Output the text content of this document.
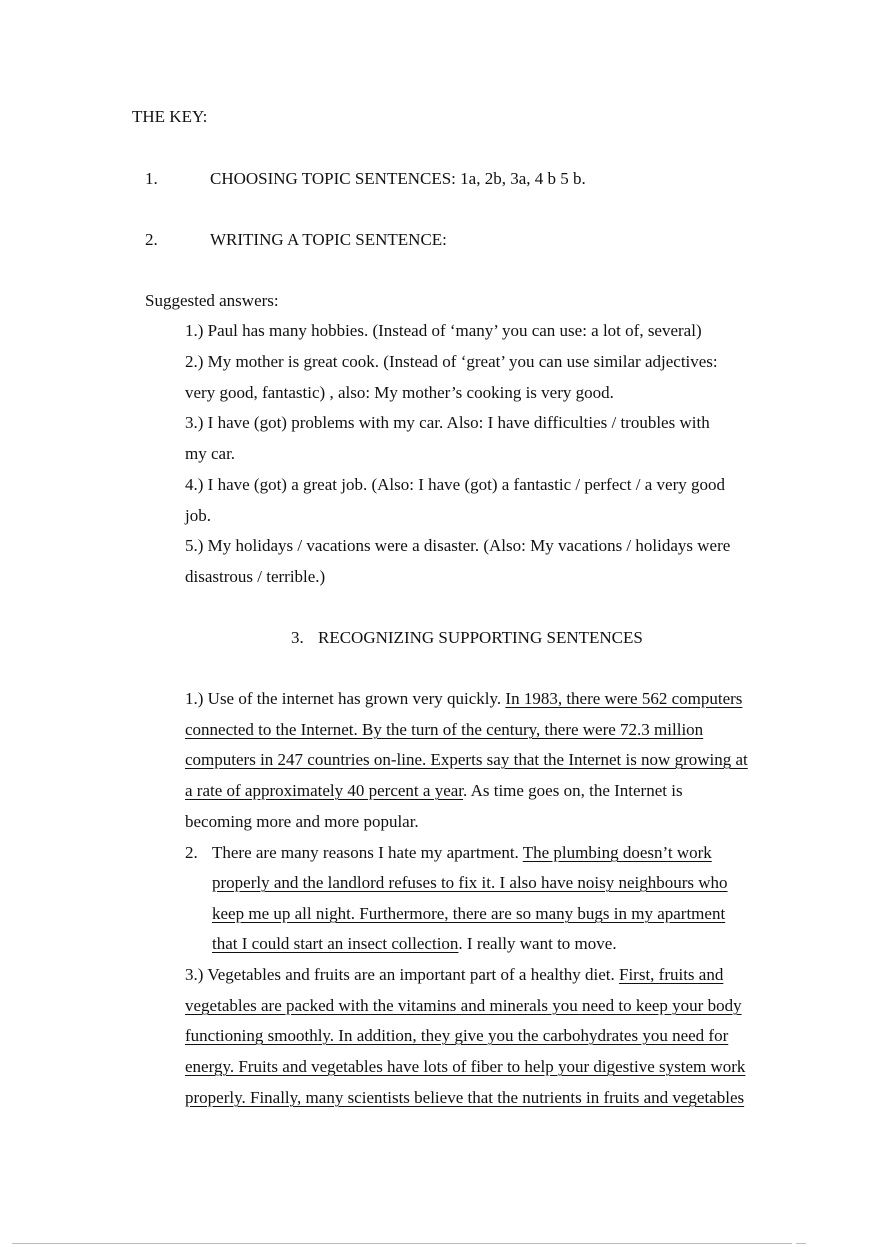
THE KEY:
1.	CHOOSING TOPIC SENTENCES: 1a, 2b, 3a, 4 b 5 b.
2.	WRITING A TOPIC SENTENCE:
Suggested answers:
1.) Paul has many hobbies. (Instead of ‘many’ you can use: a lot of, several)
2.) My mother is great cook. (Instead of ‘great’ you can use similar adjectives:
very good, fantastic) , also: My mother’s cooking is very good.
3.) I have (got) problems with my car. Also: I have difficulties / troubles with
my car.
4.) I have (got) a great job. (Also: I have (got) a fantastic / perfect / a very good
job.
5.) My holidays / vacations were a disaster. (Also: My vacations / holidays were
disastrous / terrible.)
3. RECOGNIZING SUPPORTING SENTENCES
1.) Use of the internet has grown very quickly. In 1983, there were 562 computers
connected to the Internet. By the turn of the century, there were 72.3 million
computers in 247 countries on-line. Experts say that the Internet is now growing at
a rate of approximately 40 percent a year. As time goes on, the Internet is
becoming more and more popular.
2. There are many reasons I hate my apartment. The plumbing doesn’t work
properly and the landlord refuses to fix it. I also have noisy neighbours who
keep me up all night. Furthermore, there are so many bugs in my apartment
that I could start an insect collection. I really want to move.
3.) Vegetables and fruits are an important part of a healthy diet. First, fruits and
vegetables are packed with the vitamins and minerals you need to keep your body
functioning smoothly. In addition, they give you the carbohydrates you need for
energy. Fruits and vegetables have lots of fiber to help your digestive system work
properly. Finally, many scientists believe that the nutrients in fruits and vegetables
